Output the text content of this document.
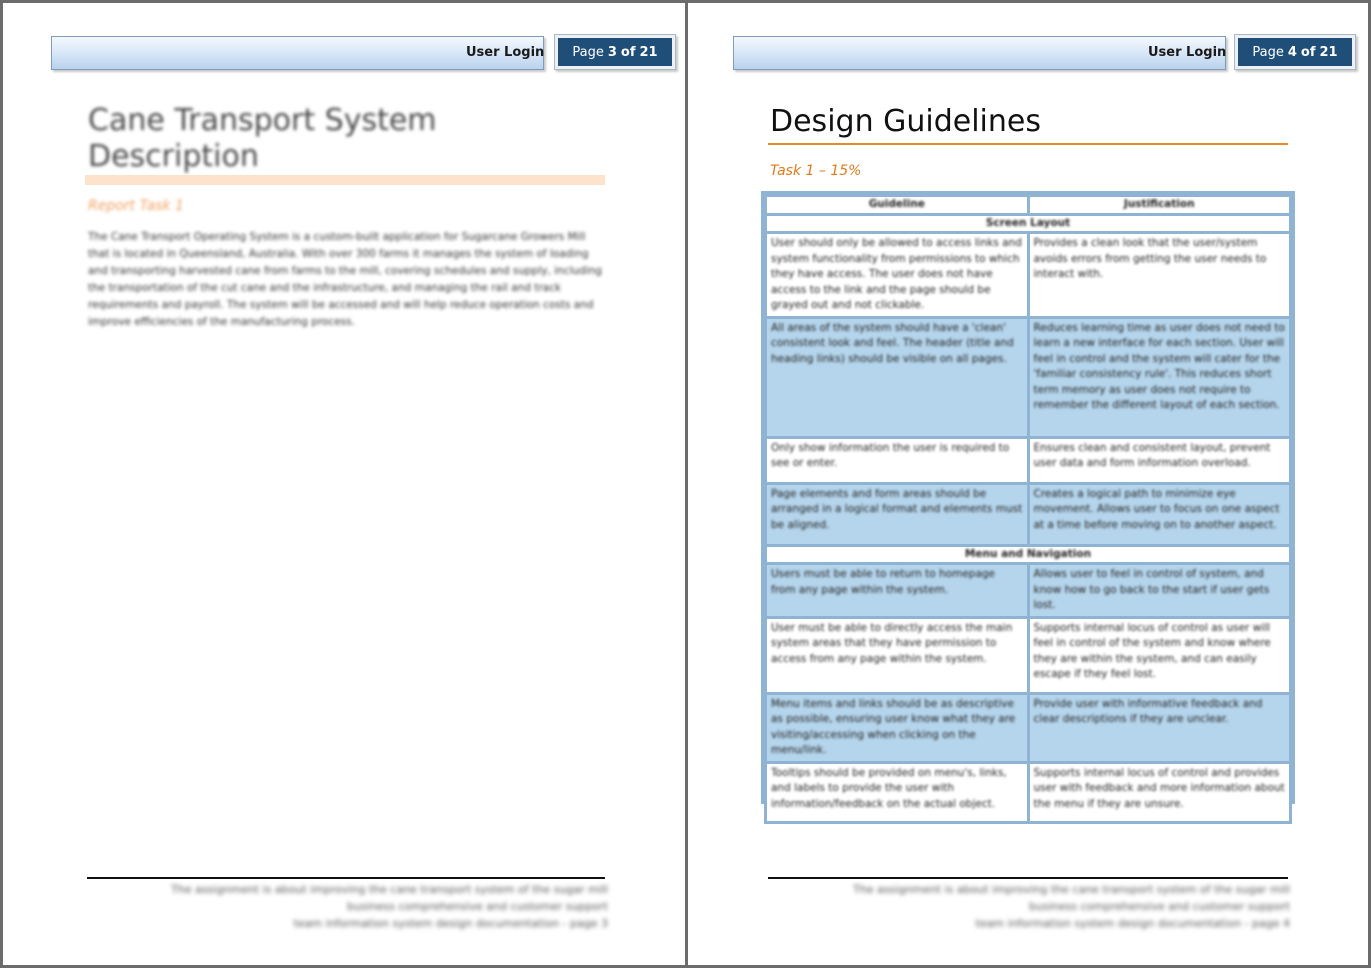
User Login Page 3 of 21
Cane Transport System Description
Report Task 1
The Cane Transport Operating System is a custom-built application for Sugarcane Growers Mill that is located in Queensland, Australia. With over 300 farms it manages the system of loading and transporting harvested cane from farms to the mill, covering schedules and supply, including the transportation of the cut cane and the infrastructure, and managing the rail and track requirements and payroll. The system will be accessed and will help reduce operation costs and improve efficiencies of the manufacturing process.
The assignment is about improving the cane transport system of the sugar mill
business comprehensive and customer support
team information system design documentation - page 3
User Login Page 4 of 21
Design Guidelines
Task 1 – 15%
Guideline	Justification
Screen Layout	

User should only be allowed to access links and system functionality from permissions to which they have access. The user does not have access to the link and the page should be grayed out and not clickable.	Provides a clean look that the user/system avoids errors from getting the user needs to interact with.

All areas of the system should have a 'clean' consistent look and feel. The header (title and heading links) should be visible on all pages.	Reduces learning time as user does not need to learn a new interface for each section. User will feel in control and the system will cater for the 'familiar consistency rule'. This reduces short term memory as user does not require to remember the different layout of each section.

Only show information the user is required to see or enter.	Ensures clean and consistent layout, prevent user data and form information overload.

Page elements and form areas should be arranged in a logical format and elements must be aligned.	Creates a logical path to minimize eye movement. Allows user to focus on one aspect at a time before moving on to another aspect.

Menu and Navigation	

Users must be able to return to homepage from any page within the system.	Allows user to feel in control of system, and know how to go back to the start if user gets lost.

User must be able to directly access the main system areas that they have permission to access from any page within the system.	Supports internal locus of control as user will feel in control of the system and know where they are within the system, and can easily escape if they feel lost.

Menu items and links should be as descriptive as possible, ensuring user know what they are visiting/accessing when clicking on the menu/link.	Provide user with informative feedback and clear descriptions if they are unclear.

Tooltips should be provided on menu's, links, and labels to provide the user with information/feedback on the actual object.	Supports internal locus of control and provides user with feedback and more information about the menu if they are unsure.
The assignment is about improving the cane transport system of the sugar mill
business comprehensive and customer support
team information system design documentation - page 4
